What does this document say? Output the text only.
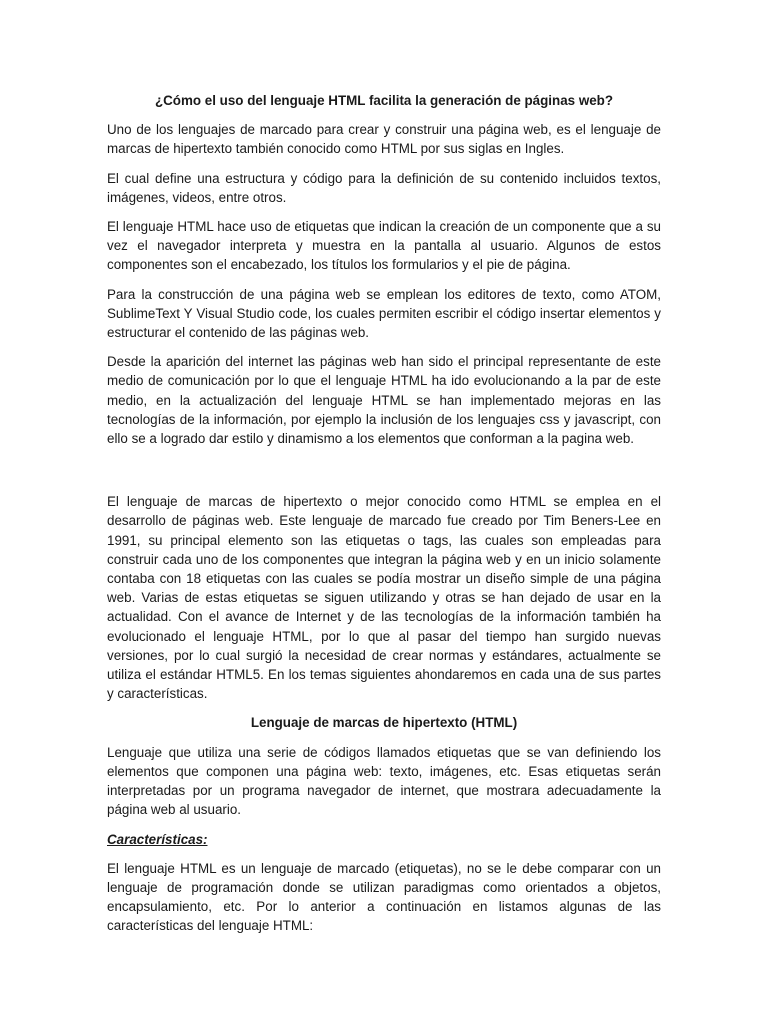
¿Cómo el uso del lenguaje HTML facilita la generación de páginas web?

Uno de los lenguajes de marcado para crear y construir una página web, es el lenguaje de marcas de hipertexto también conocido como HTML por sus siglas en Ingles.

El cual define una estructura y código para la definición de su contenido incluidos textos, imágenes, videos, entre otros.

El lenguaje HTML hace uso de etiquetas que indican la creación de un componente que a su vez el navegador interpreta y muestra en la pantalla al usuario. Algunos de estos componentes son el encabezado, los títulos los formularios y el pie de página.

Para la construcción de una página web se emplean los editores de texto, como ATOM, SublimeText Y Visual Studio code, los cuales permiten escribir el código insertar elementos y estructurar el contenido de las páginas web.

Desde la aparición del internet las páginas web han sido el principal representante de este medio de comunicación por lo que el lenguaje HTML ha ido evolucionando a la par de este medio, en la actualización del lenguaje HTML se han implementado mejoras en las tecnologías de la información, por ejemplo la inclusión de los lenguajes css y javascript, con ello se a logrado dar estilo y dinamismo a los elementos que conforman a la pagina web.

El lenguaje de marcas de hipertexto o mejor conocido como HTML se emplea en el desarrollo de páginas web. Este lenguaje de marcado fue creado por Tim Beners-Lee en 1991, su principal elemento son las etiquetas o tags, las cuales son empleadas para construir cada uno de los componentes que integran la página web y en un inicio solamente contaba con 18 etiquetas con las cuales se podía mostrar un diseño simple de una página web. Varias de estas etiquetas se siguen utilizando y otras se han dejado de usar en la actualidad. Con el avance de Internet y de las tecnologías de la información también ha evolucionado el lenguaje HTML, por lo que al pasar del tiempo han surgido nuevas versiones, por lo cual surgió la necesidad de crear normas y estándares, actualmente se utiliza el estándar HTML5. En los temas siguientes ahondaremos en cada una de sus partes y características.

Lenguaje de marcas de hipertexto (HTML)

Lenguaje que utiliza una serie de códigos llamados etiquetas que se van definiendo los elementos que componen una página web: texto, imágenes, etc. Esas etiquetas serán interpretadas por un programa navegador de internet, que mostrara adecuadamente la página web al usuario.

Características:

El lenguaje HTML es un lenguaje de marcado (etiquetas), no se le debe comparar con un lenguaje de programación donde se utilizan paradigmas como orientados a objetos, encapsulamiento, etc. Por lo anterior a continuación en listamos algunas de las características del lenguaje HTML:
